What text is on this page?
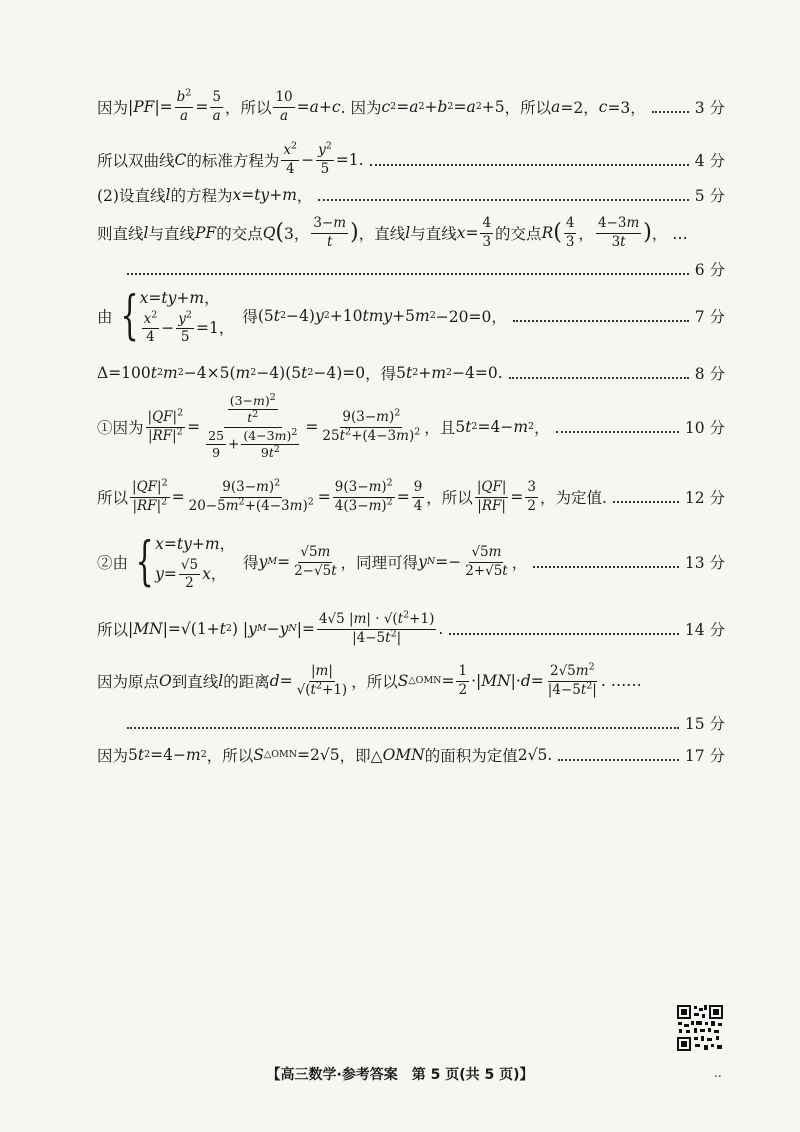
因为 | PF |= $\frac{b^2}{a} = \frac{5}{a}$ ，所以 $\frac{10}{a} = a + c$ . 因为 c 2 = a 2 + b 2 = a 2 +5 ，所以 a =2， c =3，	3 分
所以双曲线 C 的标准方程为 $\frac{x^2}{4} - \frac{y^2}{5} =1$.	4 分
(2)设直线 l 的方程为 x = ty + m ，	5 分
则直线 l 与直线 PF 的交点 Q ( 3， $\frac{3-m}{t}$ ) ，直线 l 与直线 $x = \frac{4}{3}$ 的交点 R ( $\frac{4}{3}$ ， $\frac{4-3m}{3t}$ ) ， …
6 分
由 { x=ty+m，
$\frac{x^2}{4} - \frac{y^2}{5} =1$，
得 (5 t 2 −4) y 2 +10 tmy +5 m 2 −20=0，	7 分
Δ=100 t 2 m 2 −4×5( m 2 −4)(5 t 2 −4)=0 ，得 5 t 2 + m 2 −4=0.	8 分
①因为 $\frac{|QF|^2}{|RF|^2} = \frac{\frac{(3-m)^2}{t^2}}{\frac{25}{9} + \frac{(4-3m)^2}{9t^2}} = \frac{9(3-m)^2}{25t^2+(4-3m)^2}$ ，且 5 t 2 =4− m 2 ，	10 分
所以 $\frac{|QF|^2}{|RF|^2} = \frac{9(3-m)^2}{20-5m^2+(4-3m)^2} = \frac{9(3-m)^2}{4(3-m)^2} = \frac{9}{4}$ ，所以 $\frac{|QF|}{|RF|} = \frac{3}{2}$ ，为定值.	12 分
②由 { x=ty+m，
$y= \frac{√5}{2}$ x，
得 y $M = \frac{√5m}{2-√5t}$ ，同理可得 y $N =- \frac{√5m}{2+√5t}$ ，	13 分
所以 | MN |=√(1+ t 2 ) | y M − y N |= $\frac{4√5 |m| \cdot √(t^2+1)}{|4-5t^2|}$ .	14 分
因为原点 O 到直线 l 的距离 $d = \frac{|m|}{√(t^2+1)}$ ，所以 S △OMN = $\frac{1}{2}$ ·| MN |· $d = \frac{2√5m^2}{|4-5t^2|}$ . ……
15 分
因为 5 t 2 =4− m 2 ，所以 S △OMN =2√5 ，即△ OMN 的面积为定值 2√5.	17 分
【高三数学·参考答案　第 5 页(共 5 页)】	..
